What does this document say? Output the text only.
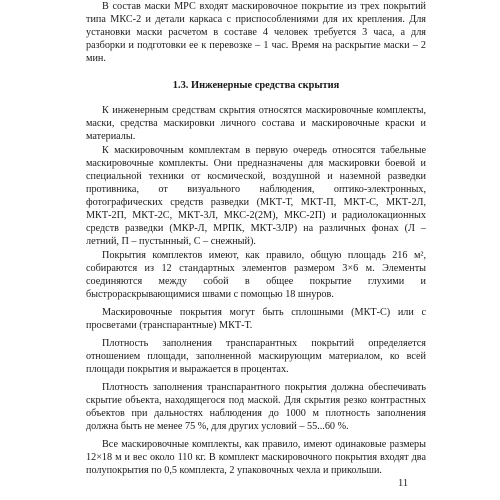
В состав маски МРС входят маскировочное покрытие из трех покрытий типа МКС-2 и детали каркаса с приспособлениями для их крепления. Для установки маски расчетом в составе 4 человек требуется 3 часа, а для разборки и подготовки ее к перевозке – 1 час. Время на раскрытие маски – 2 мин.

1.3. Инженерные средства скрытия

К инженерным средствам скрытия относятся маскировочные комплекты, маски, средства маскировки личного состава и маскировочные краски и материалы.

К маскировочным комплектам в первую очередь относятся табельные маскировочные комплекты. Они предназначены для маскировки боевой и специальной техники от космической, воздушной и наземной разведки противника, от визуального наблюдения, оптико-электронных, фотографических средств разведки (МКТ-Т, МКТ-П, МКТ-С, МКТ-2Л, МКТ-2П, МКТ-2С, МКТ-3Л, МКС-2(2М), МКС-2П) и радиолокационных средств разведки (МКР-Л, МРПК, МКТ-3ЛР) на различных фонах (Л – летний, П – пустынный, С – снежный).

Покрытия комплектов имеют, как правило, общую площадь 216 м², собираются из 12 стандартных элементов размером 3×6 м. Элементы соединяются между собой в общее покрытие глухими и быстрораскрывающимися швами с помощью 18 шнуров.

Маскировочные покрытия могут быть сплошными (МКТ-С) или с просветами (транспарантные) МКТ-Т.

Плотность заполнения транспарантных покрытий определяется отношением площади, заполненной маскирующим материалом, ко всей площади покрытия и выражается в процентах.

Плотность заполнения транспарантного покрытия должна обеспечивать скрытие объекта, находящегося под маской. Для скрытия резко контрастных объектов при дальностях наблюдения до 1000 м плотность заполнения должна быть не менее 75 %, для других условий – 55...60 %.

Все маскировочные комплекты, как правило, имеют одинаковые размеры 12×18 м и вес около 110 кг. В комплект маскировочного покрытия входят два полупокрытия по 0,5 комплекта, 2 упаковочных чехла и прикольши.

11
